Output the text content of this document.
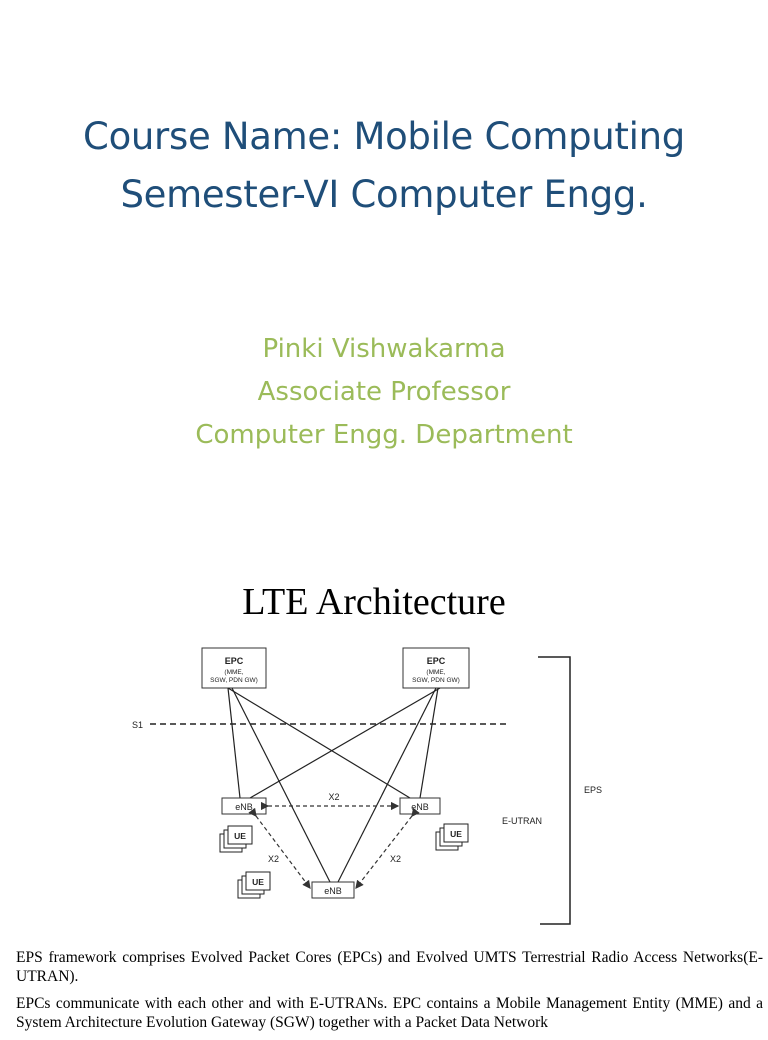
Course Name: Mobile Computing
Semester-VI Computer Engg.
Pinki Vishwakarma
Associate Professor
Computer Engg. Department
LTE Architecture
EPC
(MME,
SGW, PDN GW)
EPC
(MME,
SGW, PDN GW)
S1
eNB	eNB
eNB
X2
X2	X2
UE	UE
UE
EPS
E-UTRAN

EPS framework comprises Evolved Packet Cores (EPCs) and Evolved UMTS Terrestrial Radio Access Networks(E-UTRAN).

EPCs communicate with each other and with E-UTRANs. EPC contains a Mobile Management Entity (MME) and a System Architecture Evolution Gateway (SGW) together with a Packet Data Network
